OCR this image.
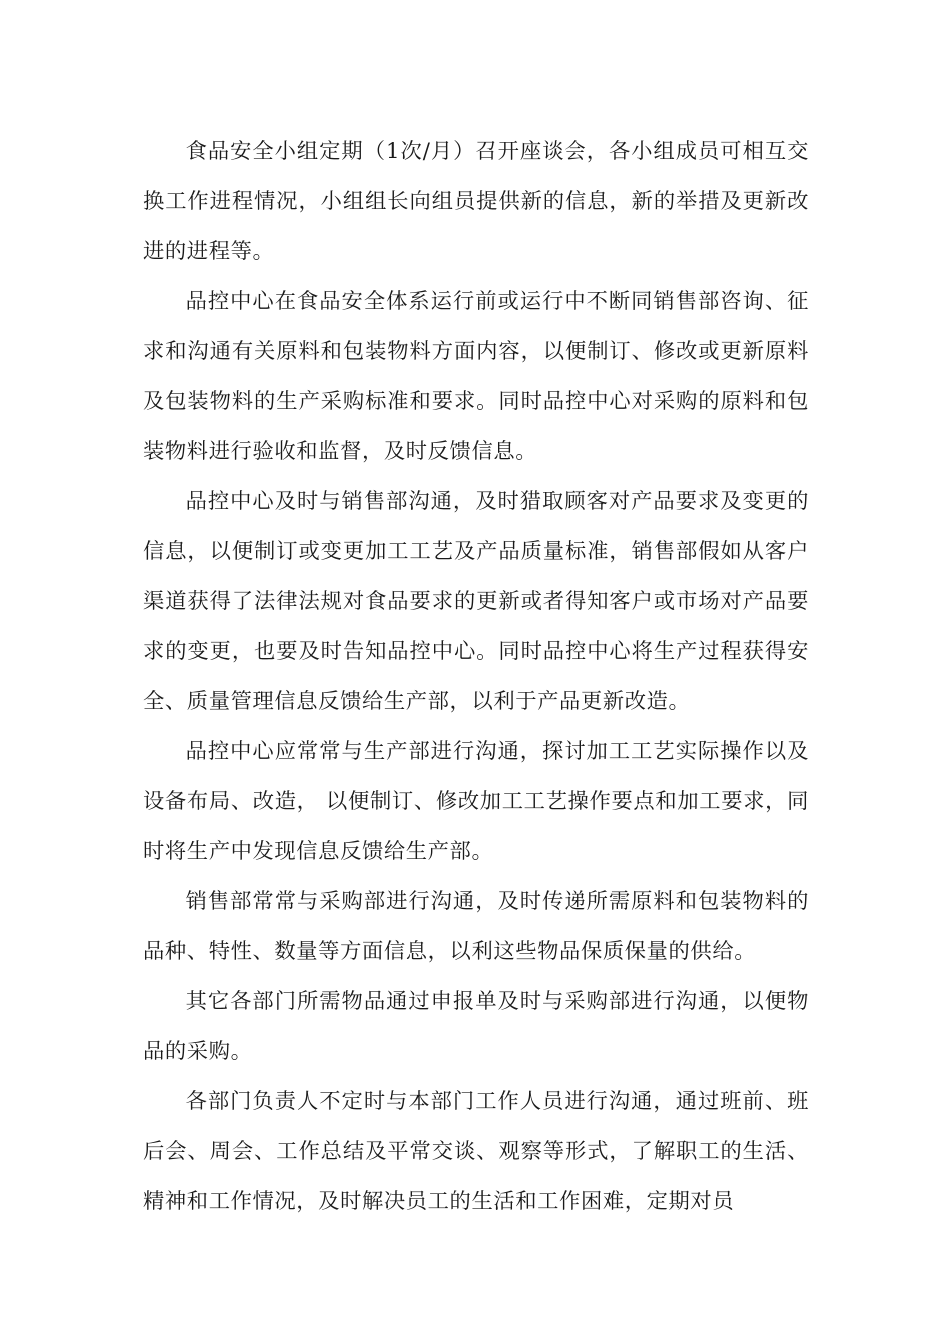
食品安全小组定期（1次/月）召开座谈会，各小组成员可相互交换工作进程情况，小组组长向组员提供新的信息，新的举措及更新改进的进程等。

品控中心在食品安全体系运行前或运行中不断同销售部咨询、征求和沟通有关原料和包装物料方面内容，以便制订、修改或更新原料及包装物料的生产采购标准和要求。同时品控中心对采购的原料和包装物料进行验收和监督，及时反馈信息。

品控中心及时与销售部沟通，及时猎取顾客对产品要求及变更的信息，以便制订或变更加工工艺及产品质量标准，销售部假如从客户渠道获得了法律法规对食品要求的更新或者得知客户或市场对产品要求的变更，也要及时告知品控中心。同时品控中心将生产过程获得安全、质量管理信息反馈给生产部，以利于产品更新改造。

品控中心应常常与生产部进行沟通，探讨加工工艺实际操作以及设备布局、改造， 以便制订、修改加工工艺操作要点和加工要求，同时将生产中发现信息反馈给生产部。

销售部常常与采购部进行沟通，及时传递所需原料和包装物料的品种、特性、数量等方面信息，以利这些物品保质保量的供给。

其它各部门所需物品通过申报单及时与采购部进行沟通，以便物品的采购。

各部门负责人不定时与本部门工作人员进行沟通，通过班前、班后会、周会、工作总结及平常交谈、观察等形式，了解职工的生活、精神和工作情况，及时解决员工的生活和工作困难，定期对员
